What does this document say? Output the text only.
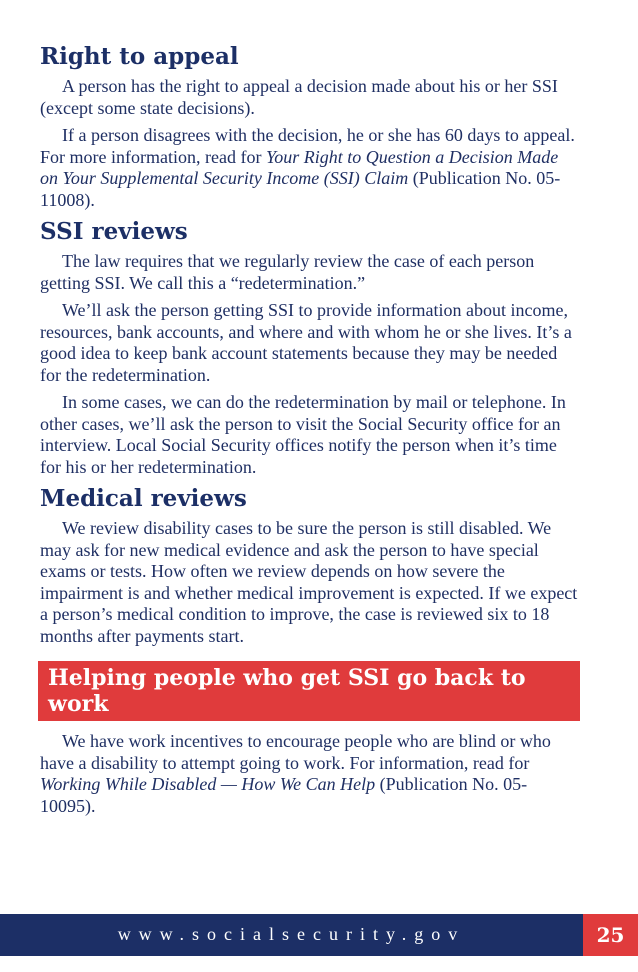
Right to appeal

A person has the right to appeal a decision made about his or her SSI (except some state decisions).

If a person disagrees with the decision, he or she has 60 days to appeal. For more information, read for Your Right to Question a Decision Made on Your Supplemental Security Income (SSI) Claim (Publication No. 05-11008).

SSI reviews

The law requires that we regularly review the case of each person getting SSI. We call this a “redetermination.”

We’ll ask the person getting SSI to provide information about income, resources, bank accounts, and where and with whom he or she lives. It’s a good idea to keep bank account statements because they may be needed for the redetermination.

In some cases, we can do the redetermination by mail or telephone. In other cases, we’ll ask the person to visit the Social Security office for an interview. Local Social Security offices notify the person when it’s time for his or her redetermination.

Medical reviews

We review disability cases to be sure the person is still disabled. We may ask for new medical evidence and ask the person to have special exams or tests. How often we review depends on how severe the impairment is and whether medical improvement is expected. If we expect a person’s medical condition to improve, the case is reviewed six to 18 months after payments start.

Helping people who get SSI go back to work

We have work incentives to encourage people who are blind or who have a disability to attempt going to work. For information, read for Working While Disabled — How We Can Help (Publication No. 05-10095).

www.socialsecurity.gov	25
